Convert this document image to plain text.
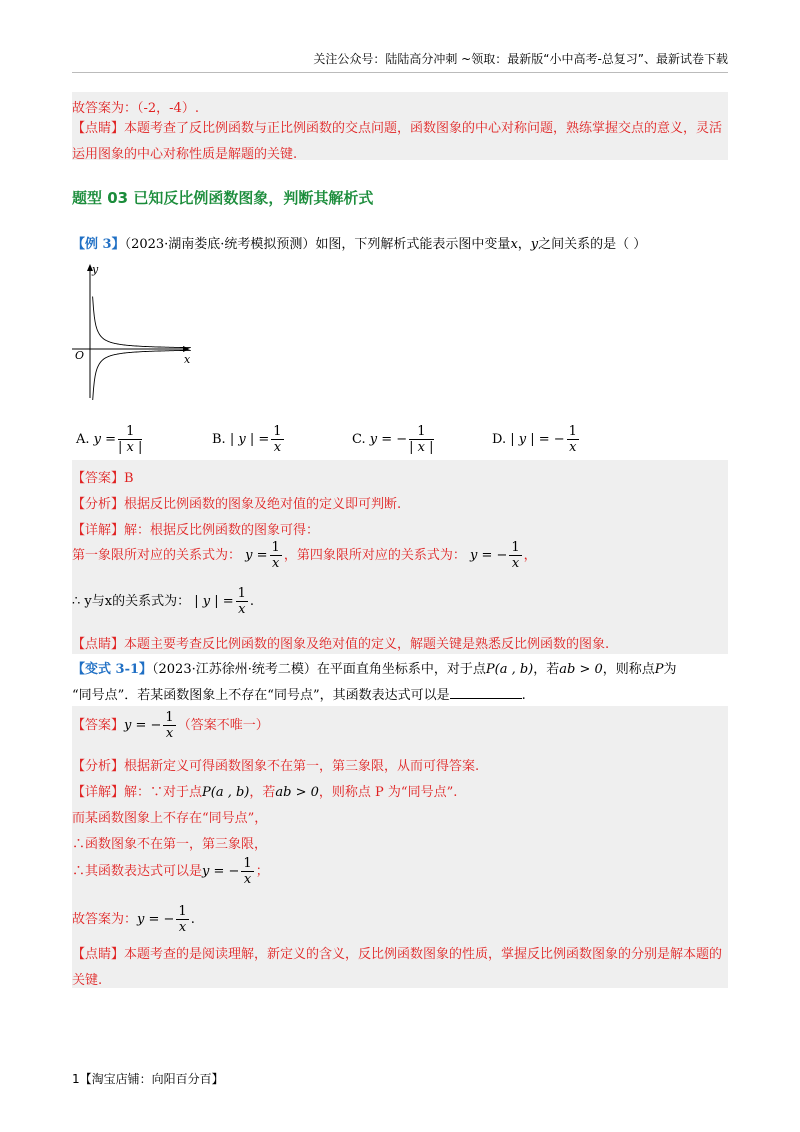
关注公众号：陆陆高分冲刺 ~领取：最新版“小中高考-总复习”、最新试卷下载
故答案为：（-2，-4）.
【点睛】本题考查了反比例函数与正比例函数的交点问题，函数图象的中心对称问题，熟练掌握交点的意义，灵活运用图象的中心对称性质是解题的关键.
题型 03 已知反比例函数图象，判断其解析式
【例 3】（2023·湖南娄底·统考模拟预测）如图，下列解析式能表示图中变量x，y之间关系的是（ ）
y
x
O
A. $y = \frac{1}{| x |}$	B. | y | = $\frac{1}{x}$	C. y = − $\frac{1}{| x |}$	D. | y | = − $\frac{1}{x}$
【答案】B
【分析】根据反比例函数的图象及绝对值的定义即可判断.
【详解】解：根据反比例函数的图象可得：
第一象限所对应的关系式为： $y = \frac{1}{x}$ ，第四象限所对应的关系式为： y = − $\frac{1}{x}$ ，
∴ y与x的关系式为： | y | = $\frac{1}{x}$ .
【点睛】本题主要考查反比例函数的图象及绝对值的定义，解题关键是熟悉反比例函数的图象.
【变式 3-1】（2023·江苏徐州·统考二模）在平面直角坐标系中，对于点P(a , b)，若ab > 0，则称点P为
“同号点”．若某函数图象上不存在“同号点”，其函数表达式可以是	.
【答案】y = − $\frac{1}{x}$ （答案不唯一）
【分析】根据新定义可得函数图象不在第一，第三象限，从而可得答案.
【详解】解：∵对于点P(a , b)，若ab > 0，则称点 P 为“同号点”.
而某函数图象上不存在“同号点”，
∴函数图象不在第一，第三象限，
∴其函数表达式可以是y = − $\frac{1}{x}$ ；
故答案为：y = − $\frac{1}{x}$ .
【点睛】本题考查的是阅读理解，新定义的含义，反比例函数图象的性质，掌握反比例函数图象的分别是解本题的关键.
1【淘宝店铺：向阳百分百】
